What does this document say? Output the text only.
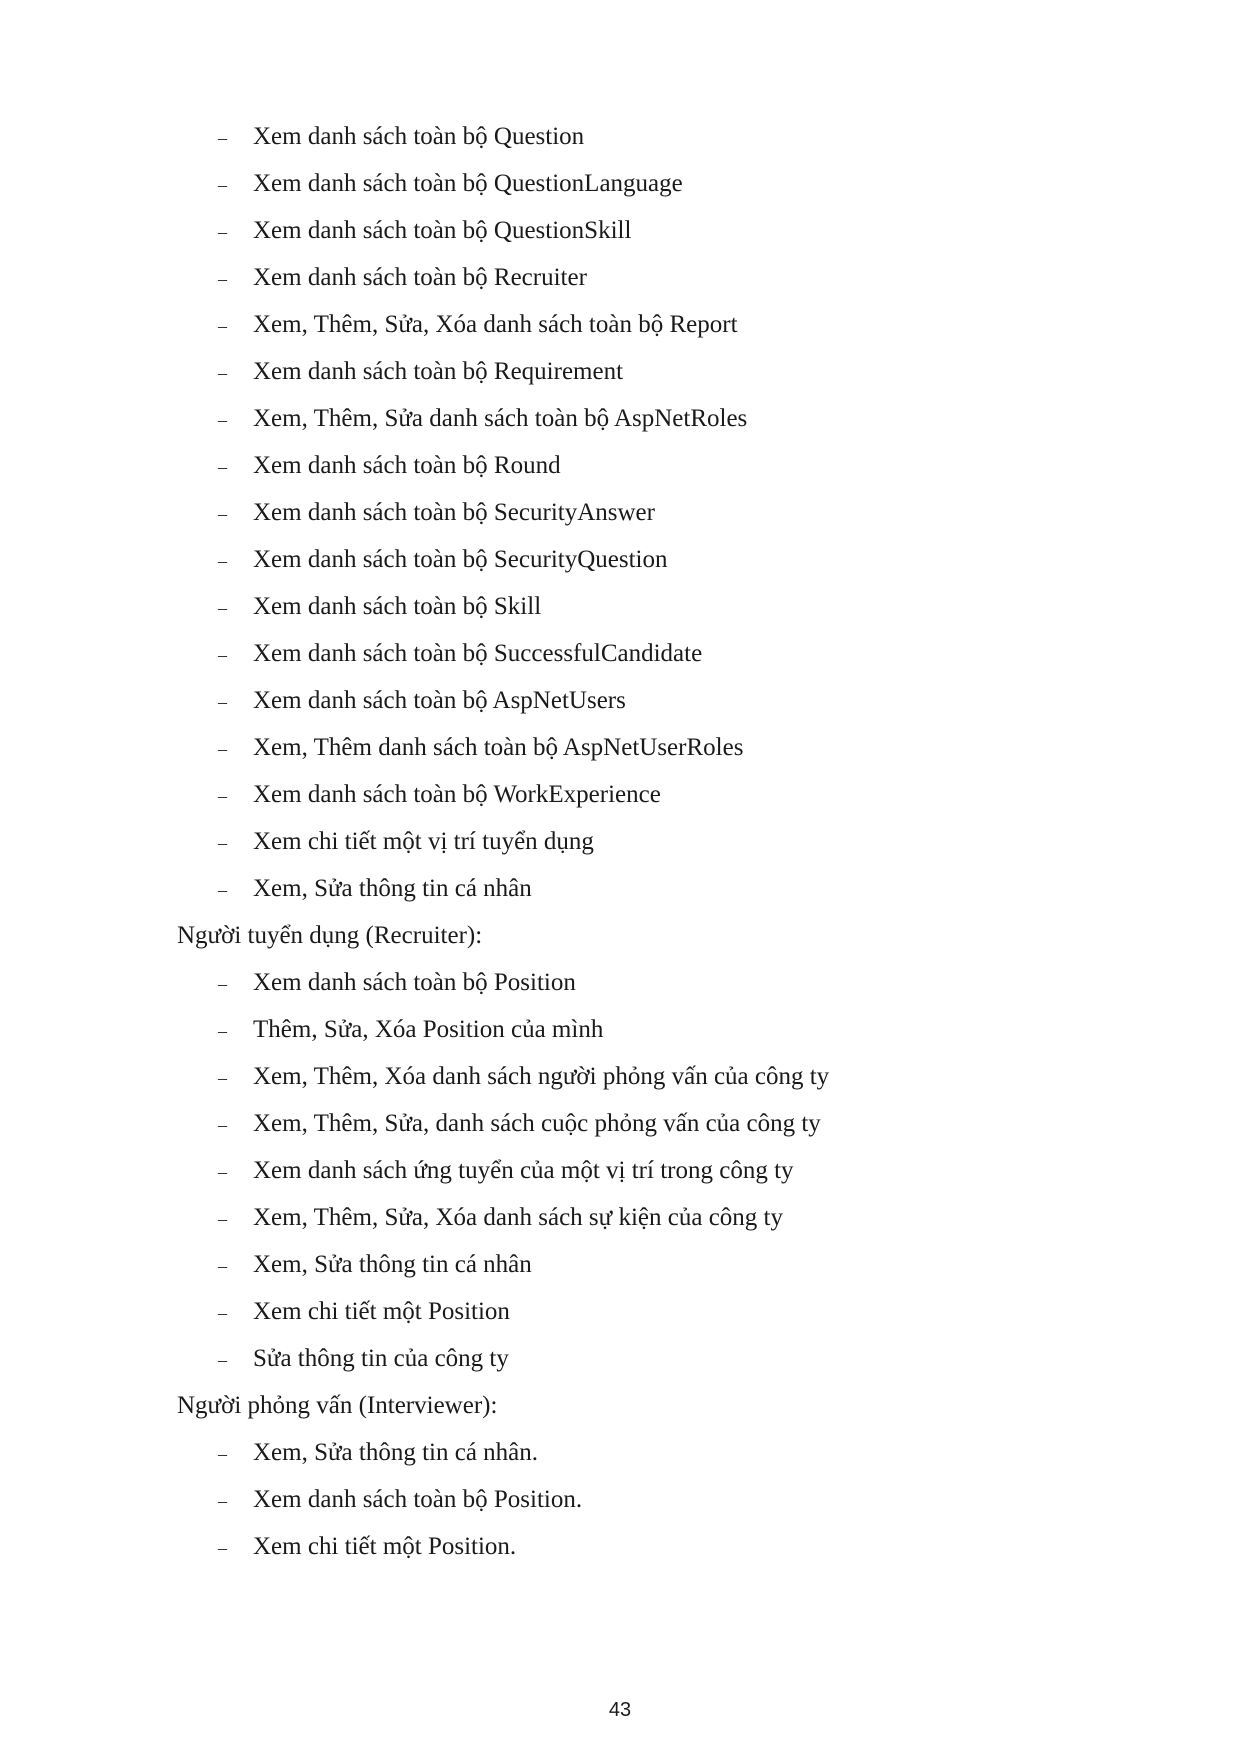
– Xem danh sách toàn bộ Question
– Xem danh sách toàn bộ QuestionLanguage
– Xem danh sách toàn bộ QuestionSkill
– Xem danh sách toàn bộ Recruiter
– Xem, Thêm, Sửa, Xóa danh sách toàn bộ Report
– Xem danh sách toàn bộ Requirement
– Xem, Thêm, Sửa danh sách toàn bộ AspNetRoles
– Xem danh sách toàn bộ Round
– Xem danh sách toàn bộ SecurityAnswer
– Xem danh sách toàn bộ SecurityQuestion
– Xem danh sách toàn bộ Skill
– Xem danh sách toàn bộ SuccessfulCandidate
– Xem danh sách toàn bộ AspNetUsers
– Xem, Thêm danh sách toàn bộ AspNetUserRoles
– Xem danh sách toàn bộ WorkExperience
– Xem chi tiết một vị trí tuyển dụng
– Xem, Sửa thông tin cá nhân
Người tuyển dụng (Recruiter):
– Xem danh sách toàn bộ Position
– Thêm, Sửa, Xóa Position của mình
– Xem, Thêm, Xóa danh sách người phỏng vấn của công ty
– Xem, Thêm, Sửa, danh sách cuộc phỏng vấn của công ty
– Xem danh sách ứng tuyển của một vị trí trong công ty
– Xem, Thêm, Sửa, Xóa danh sách sự kiện của công ty
– Xem, Sửa thông tin cá nhân
– Xem chi tiết một Position
– Sửa thông tin của công ty
Người phỏng vấn (Interviewer):
– Xem, Sửa thông tin cá nhân.
– Xem danh sách toàn bộ Position.
– Xem chi tiết một Position.
43
